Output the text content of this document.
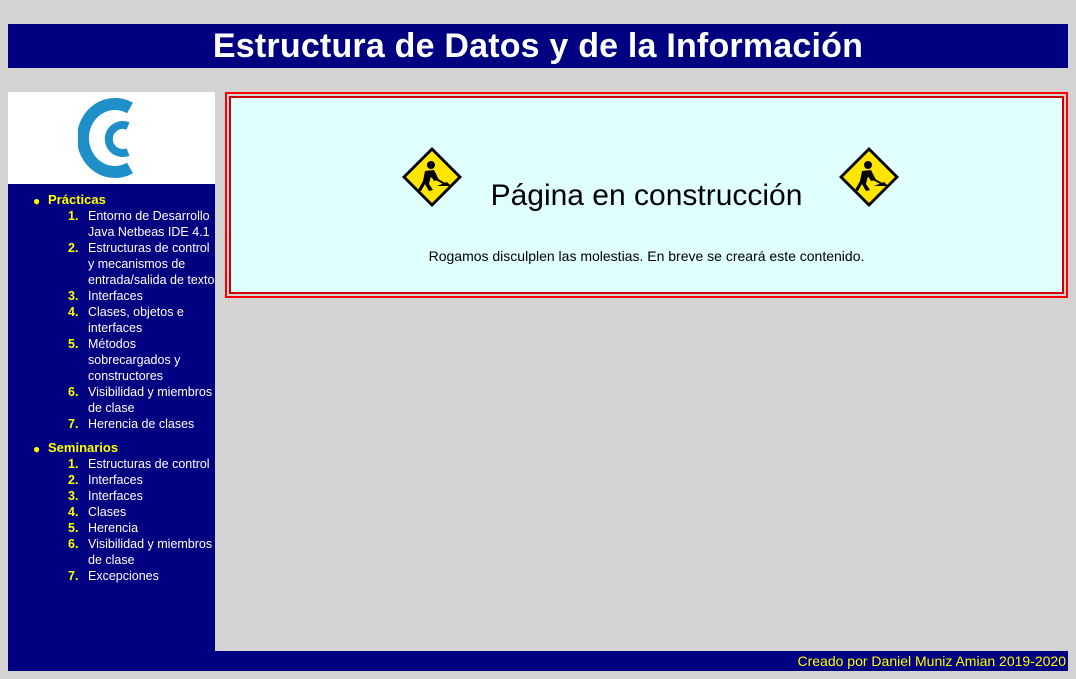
Estructura de Datos y de la Información
● Prácticas
1. Entorno de Desarrollo Java Netbeas IDE 4.1
2. Estructuras de control y mecanismos de entrada/salida de texto
3. Interfaces
4. Clases, objetos e interfaces
5. Métodos sobrecargados y constructores
6. Visibilidad y miembros de clase
7. Herencia de clases
● Seminarios
1. Estructuras de control
2. Interfaces
3. Interfaces
4. Clases
5. Herencia
6. Visibilidad y miembros de clase
7. Excepciones
Página en construcción
Rogamos disculplen las molestias. En breve se creará este contenido.
Creado por Daniel Muniz Amian 2019-2020
